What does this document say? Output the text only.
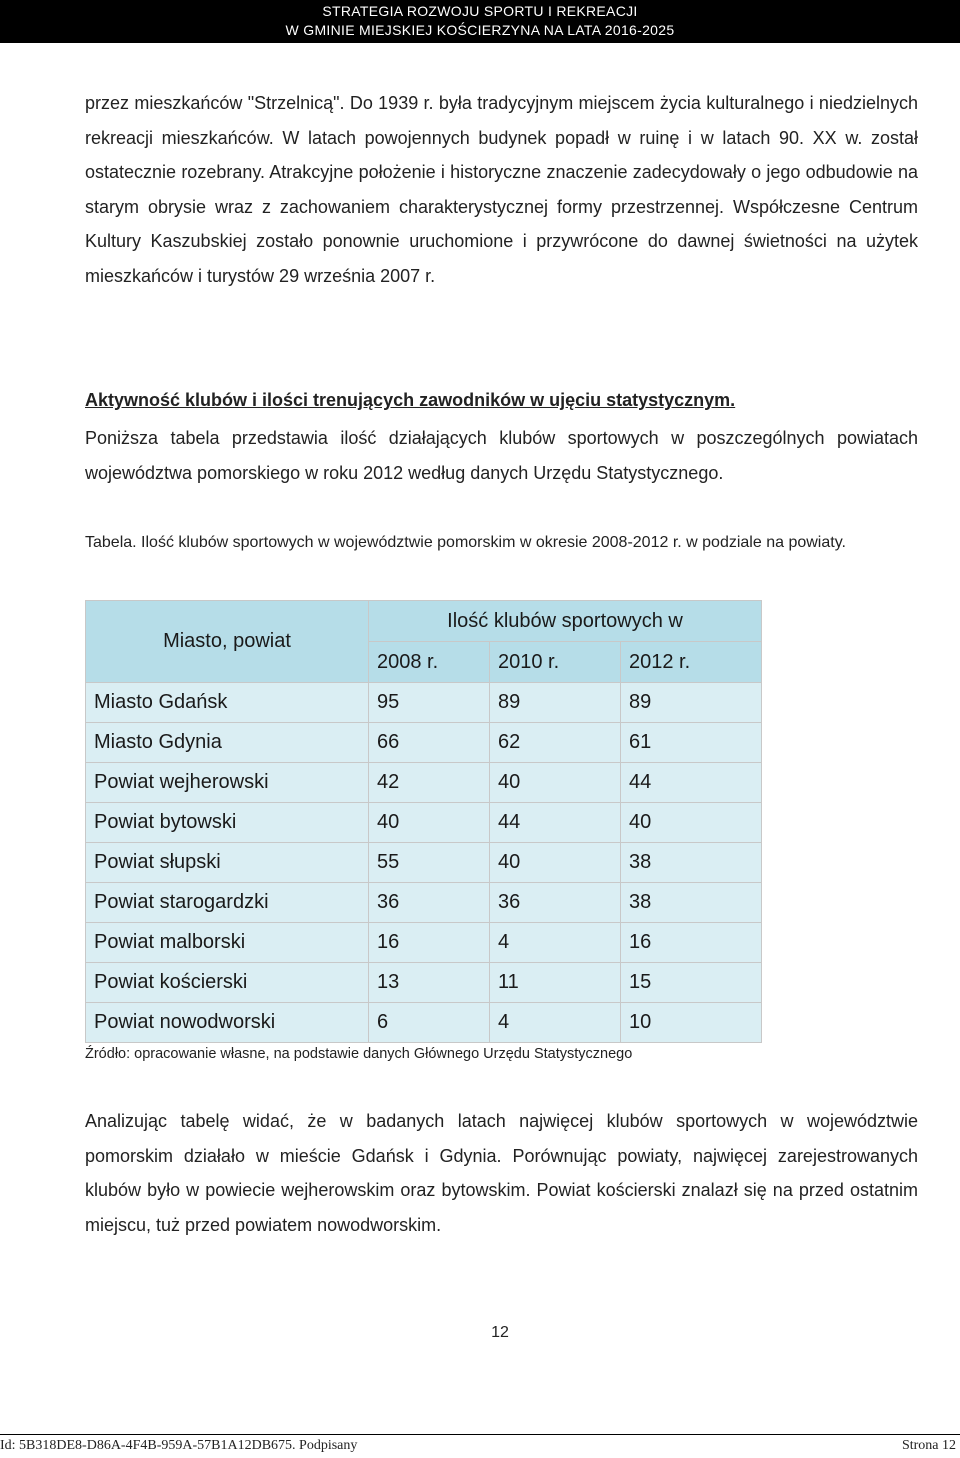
STRATEGIA ROZWOJU SPORTU I REKREACJI
W GMINIE MIEJSKIEJ KOŚCIERZYNA NA LATA 2016-2025

przez mieszkańców "Strzelnicą". Do 1939 r. była tradycyjnym miejscem życia kulturalnego i niedzielnych rekreacji mieszkańców. W latach powojennych budynek popadł w ruinę i w latach 90. XX w. został ostatecznie rozebrany. Atrakcyjne położenie i historyczne znaczenie zadecydowały o jego odbudowie na starym obrysie wraz z zachowaniem charakterystycznej formy przestrzennej. Współczesne Centrum Kultury Kaszubskiej zostało ponownie uruchomione i przywrócone do dawnej świetności na użytek mieszkańców i turystów 29 września 2007 r.

Aktywność klubów i ilości trenujących zawodników w ujęciu statystycznym.

Poniższa tabela przedstawia ilość działających klubów sportowych w poszczególnych powiatach województwa pomorskiego w roku 2012 według danych Urzędu Statystycznego.

Tabela. Ilość klubów sportowych w województwie pomorskim w okresie 2008-2012 r. w podziale na powiaty.
Miasto, powiat	Ilość klubów sportowych w		
	2008 r.	2010 r.	2012 r.
Miasto Gdańsk	95	89	89
Miasto Gdynia	66	62	61
Powiat wejherowski	42	40	44
Powiat bytowski	40	44	40
Powiat słupski	55	40	38
Powiat starogardzki	36	36	38
Powiat malborski	16	4	16
Powiat kościerski	13	11	15
Powiat nowodworski	6	4	10
Źródło: opracowanie własne, na podstawie danych Głównego Urzędu Statystycznego

Analizując tabelę widać, że w badanych latach najwięcej klubów sportowych w województwie pomorskim działało w mieście Gdańsk i Gdynia. Porównując powiaty, najwięcej zarejestrowanych klubów było w powiecie wejherowskim oraz bytowskim. Powiat kościerski znalazł się na przed ostatnim miejscu, tuż przed powiatem nowodworskim.

12
Id: 5B318DE8-D86A-4F4B-959A-57B1A12DB675. Podpisany	Strona 12
